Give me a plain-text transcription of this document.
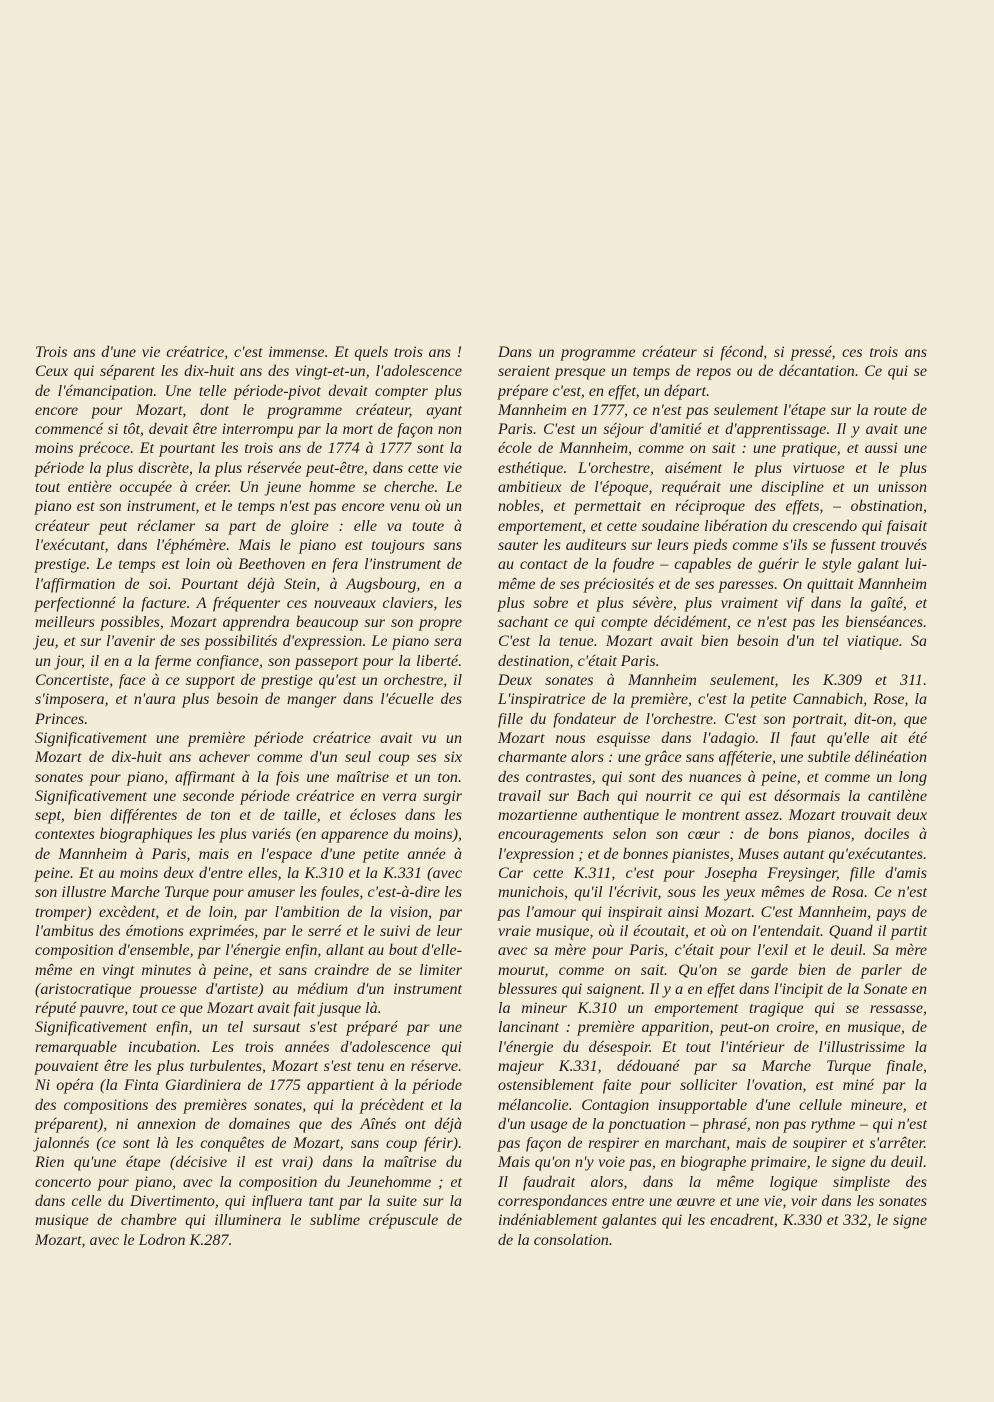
Trois ans d'une vie créatrice, c'est immense. Et quels trois ans ! Ceux qui séparent les dix-huit ans des vingt-et-un, l'adolescence de l'émancipation. Une telle période-pivot devait compter plus encore pour Mozart, dont le programme créateur, ayant commencé si tôt, devait être interrompu par la mort de façon non moins précoce. Et pourtant les trois ans de 1774 à 1777 sont la période la plus discrète, la plus réservée peut-être, dans cette vie tout entière occupée à créer. Un jeune homme se cherche. Le piano est son instrument, et le temps n'est pas encore venu où un créateur peut réclamer sa part de gloire : elle va toute à l'exécutant, dans l'éphémère. Mais le piano est toujours sans prestige. Le temps est loin où Beethoven en fera l'instrument de l'affirmation de soi. Pourtant déjà Stein, à Augsbourg, en a perfectionné la facture. A fréquenter ces nouveaux claviers, les meilleurs possibles, Mozart apprendra beaucoup sur son propre jeu, et sur l'avenir de ses possibilités d'expression. Le piano sera un jour, il en a la ferme confiance, son passeport pour la liberté. Concertiste, face à ce support de prestige qu'est un orchestre, il s'imposera, et n'aura plus besoin de manger dans l'écuelle des Princes.

Significativement une première période créatrice avait vu un Mozart de dix-huit ans achever comme d'un seul coup ses six sonates pour piano, affirmant à la fois une maîtrise et un ton. Significativement une seconde période créatrice en verra surgir sept, bien différentes de ton et de taille, et écloses dans les contextes biographiques les plus variés (en apparence du moins), de Mannheim à Paris, mais en l'espace d'une petite année à peine. Et au moins deux d'entre elles, la K.310 et la K.331 (avec son illustre Marche Turque pour amuser les foules, c'est-à-dire les tromper) excèdent, et de loin, par l'ambition de la vision, par l'ambitus des émotions exprimées, par le serré et le suivi de leur composition d'ensemble, par l'énergie enfin, allant au bout d'elle-même en vingt minutes à peine, et sans craindre de se limiter (aristocratique prouesse d'artiste) au médium d'un instrument réputé pauvre, tout ce que Mozart avait fait jusque là.

Significativement enfin, un tel sursaut s'est préparé par une remarquable incubation. Les trois années d'adolescence qui pouvaient être les plus turbulentes, Mozart s'est tenu en réserve. Ni opéra (la Finta Giardiniera de 1775 appartient à la période des compositions des premières sonates, qui la précèdent et la préparent), ni annexion de domaines que des Aînés ont déjà jalonnés (ce sont là les conquêtes de Mozart, sans coup férir). Rien qu'une étape (décisive il est vrai) dans la maîtrise du concerto pour piano, avec la composition du Jeunehomme ; et dans celle du Divertimento, qui influera tant par la suite sur la musique de chambre qui illuminera le sublime crépuscule de Mozart, avec le Lodron K.287.

Dans un programme créateur si fécond, si pressé, ces trois ans seraient presque un temps de repos ou de décantation. Ce qui se prépare c'est, en effet, un départ.

Mannheim en 1777, ce n'est pas seulement l'étape sur la route de Paris. C'est un séjour d'amitié et d'apprentissage. Il y avait une école de Mannheim, comme on sait : une pratique, et aussi une esthétique. L'orchestre, aisément le plus virtuose et le plus ambitieux de l'époque, requérait une discipline et un unisson nobles, et permettait en réciproque des effets, – obstination, emportement, et cette soudaine libération du crescendo qui faisait sauter les auditeurs sur leurs pieds comme s'ils se fussent trouvés au contact de la foudre – capables de guérir le style galant lui-même de ses préciosités et de ses paresses. On quittait Mannheim plus sobre et plus sévère, plus vraiment vif dans la gaîté, et sachant ce qui compte décidément, ce n'est pas les bienséances. C'est la tenue. Mozart avait bien besoin d'un tel viatique. Sa destination, c'était Paris.

Deux sonates à Mannheim seulement, les K.309 et 311. L'inspiratrice de la première, c'est la petite Cannabich, Rose, la fille du fondateur de l'orchestre. C'est son portrait, dit-on, que Mozart nous esquisse dans l'adagio. Il faut qu'elle ait été charmante alors : une grâce sans afféterie, une subtile délinéation des contrastes, qui sont des nuances à peine, et comme un long travail sur Bach qui nourrit ce qui est désormais la cantilène mozartienne authentique le montrent assez. Mozart trouvait deux encouragements selon son cœur : de bons pianos, dociles à l'expression ; et de bonnes pianistes, Muses autant qu'exécutantes. Car cette K.311, c'est pour Josepha Freysinger, fille d'amis munichois, qu'il l'écrivit, sous les yeux mêmes de Rosa. Ce n'est pas l'amour qui inspirait ainsi Mozart. C'est Mannheim, pays de vraie musique, où il écoutait, et où on l'entendait. Quand il partit avec sa mère pour Paris, c'était pour l'exil et le deuil. Sa mère mourut, comme on sait. Qu'on se garde bien de parler de blessures qui saignent. Il y a en effet dans l'incipit de la Sonate en la mineur K.310 un emportement tragique qui se ressasse, lancinant : première apparition, peut-on croire, en musique, de l'énergie du désespoir. Et tout l'intérieur de l'illustrissime la majeur K.331, dédouané par sa Marche Turque finale, ostensiblement faite pour solliciter l'ovation, est miné par la mélancolie. Contagion insupportable d'une cellule mineure, et d'un usage de la ponctuation – phrasé, non pas rythme – qui n'est pas façon de respirer en marchant, mais de soupirer et s'arrêter. Mais qu'on n'y voie pas, en biographe primaire, le signe du deuil. Il faudrait alors, dans la même logique simpliste des correspondances entre une œuvre et une vie, voir dans les sonates indéniablement galantes qui les encadrent, K.330 et 332, le signe de la consolation.
